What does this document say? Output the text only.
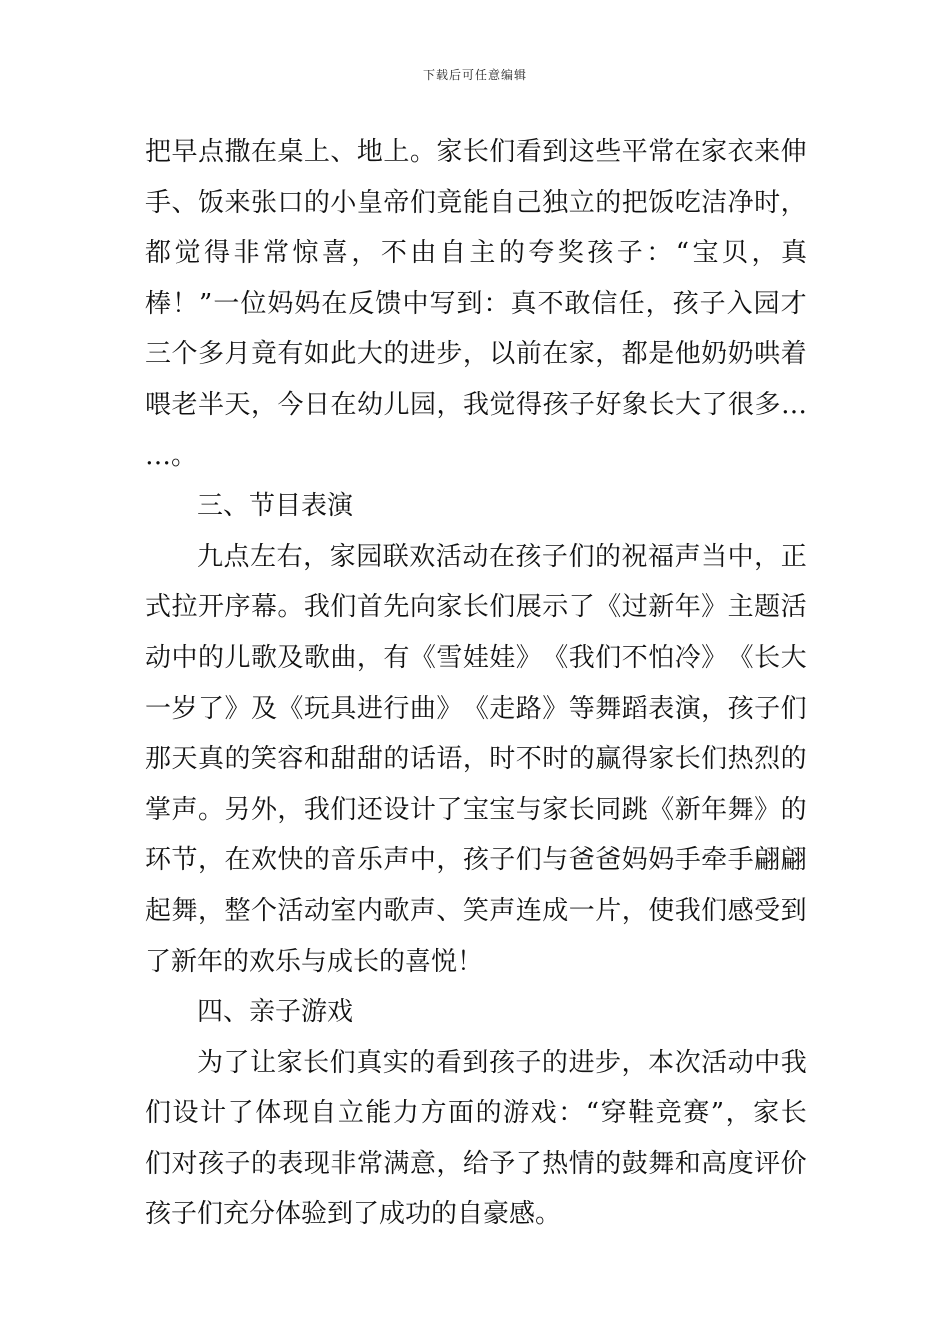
下载后可任意编辑
把 早 点 撒 在 桌 上 、 地 上 。 家 长 们 看 到 这 些 平 常 在 家 衣 来 伸
手 、 饭 来 张 口 的 小 皇 帝 们 竟 能 自 己 独 立 的 把 饭 吃 洁 净 时 ，
都 觉 得 非 常 惊 喜 ， 不 由 自 主 的 夸 奖 孩 子 ： “ 宝 贝 ， 真
棒 ！ ” 一 位 妈 妈 在 反 馈 中 写 到 ： 真 不 敢 信 任 ， 孩 子 入 园 才
三 个 多 月 竟 有 如 此 大 的 进 步 ， 以 前 在 家 ， 都 是 他 奶 奶 哄 着
喂 老 半 天 ， 今 日 在 幼 儿 园 ， 我 觉 得 孩 子 好 象 长 大 了 很 多 …
…。
三、节目表演
九 点 左 右 ， 家 园 联 欢 活 动 在 孩 子 们 的 祝 福 声 当 中 ， 正
式 拉 开 序 幕 。 我 们 首 先 向 家 长 们 展 示 了 《 过 新 年 》 主 题 活
动 中 的 儿 歌 及 歌 曲 ， 有 《 雪 娃 娃 》 《 我 们 不 怕 冷 》 《 长 大
一 岁 了 》 及 《 玩 具 进 行 曲 》 《 走 路 》 等 舞 蹈 表 演 ， 孩 子 们
那 天 真 的 笑 容 和 甜 甜 的 话 语 ， 时 不 时 的 赢 得 家 长 们 热 烈 的
掌 声 。 另 外 ， 我 们 还 设 计 了 宝 宝 与 家 长 同 跳 《 新 年 舞 》 的
环 节 ， 在 欢 快 的 音 乐 声 中 ， 孩 子 们 与 爸 爸 妈 妈 手 牵 手 翩 翩
起 舞 ， 整 个 活 动 室 内 歌 声 、 笑 声 连 成 一 片 ， 使 我 们 感 受 到
了新年的欢乐与成长的喜悦！
四、亲子游戏
为 了 让 家 长 们 真 实 的 看 到 孩 子 的 进 步 ， 本 次 活 动 中 我
们 设 计 了 体 现 自 立 能 力 方 面 的 游 戏 ： “ 穿 鞋 竞 赛 ” ， 家 长
们 对 孩 子 的 表 现 非 常 满 意 ， 给 予 了 热 情 的 鼓 舞 和 高 度 评 价
孩子们充分体验到了成功的自豪感。
